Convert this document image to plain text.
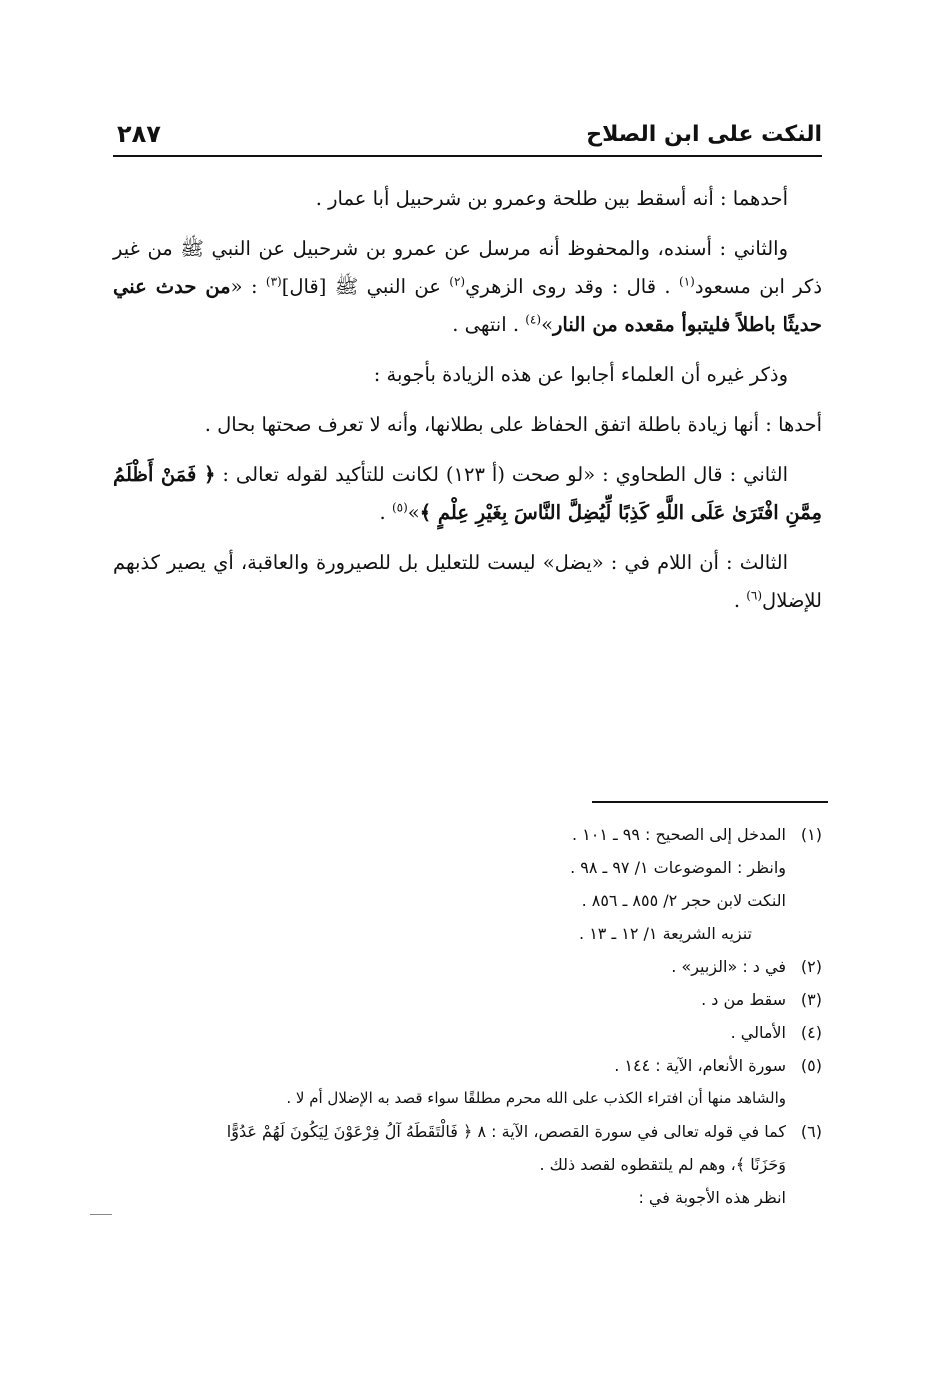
النكت على ابن الصلاح
٢٨٧

أحدهما : أنه أسقط بين طلحة وعمرو بن شرحبيل أبا عمار .

والثاني : أسنده، والمحفوظ أنه مرسل عن عمرو بن شرحبيل عن النبي ﷺ من غير ذكر ابن مسعود$^{(١)}$ . قال : وقد روى الزهري$^{(٢)}$ عن النبي ﷺ [قال]$^{(٣)}$ : «من حدث عني حديثًا باطلاً فليتبوأ مقعده من النار»$^{(٤)}$ . انتهى .

وذكر غيره أن العلماء أجابوا عن هذه الزيادة بأجوبة :

أحدها : أنها زيادة باطلة اتفق الحفاظ على بطلانها، وأنه لا تعرف صحتها بحال .

الثاني : قال الطحاوي : «لو صحت (أ ١٢٣) لكانت للتأكيد لقوله تعالى : ﴿ فَمَنْ أَظْلَمُ مِمَّنِ افْتَرَىٰ عَلَى اللَّهِ كَذِبًا لِّيُضِلَّ النَّاسَ بِغَيْرِ عِلْمٍ ﴾»$^{(٥)}$ .

الثالث : أن اللام في : «يضل» ليست للتعليل بل للصيرورة والعاقبة، أي يصير كذبهم للإضلال$^{(٦)}$ .

(١)
المدخل إلى الصحيح : ٩٩ ـ ١٠١ .

وانظر : الموضوعات ١/ ٩٧ ـ ٩٨ .

النكت لابن حجر ٢/ ٨٥٥ ـ ٨٥٦ .

تنزيه الشريعة ١/ ١٢ ـ ١٣ .

(٢)
في د : «الزبير» .
(٣)
سقط من د .
(٤)
الأمالي .
(٥)
سورة الأنعام، الآية : ١٤٤ .

والشاهد منها أن افتراء الكذب على الله محرم مطلقًا سواء قصد به الإضلال أم لا .

(٦)
كما في قوله تعالى في سورة القصص، الآية : ٨ ﴿ فَالْتَقَطَهُ آلُ فِرْعَوْنَ لِيَكُونَ لَهُمْ عَدُوًّا

وَحَزَنًا ﴾، وهم لم يلتقطوه لقصد ذلك .

انظر هذه الأجوبة في :
